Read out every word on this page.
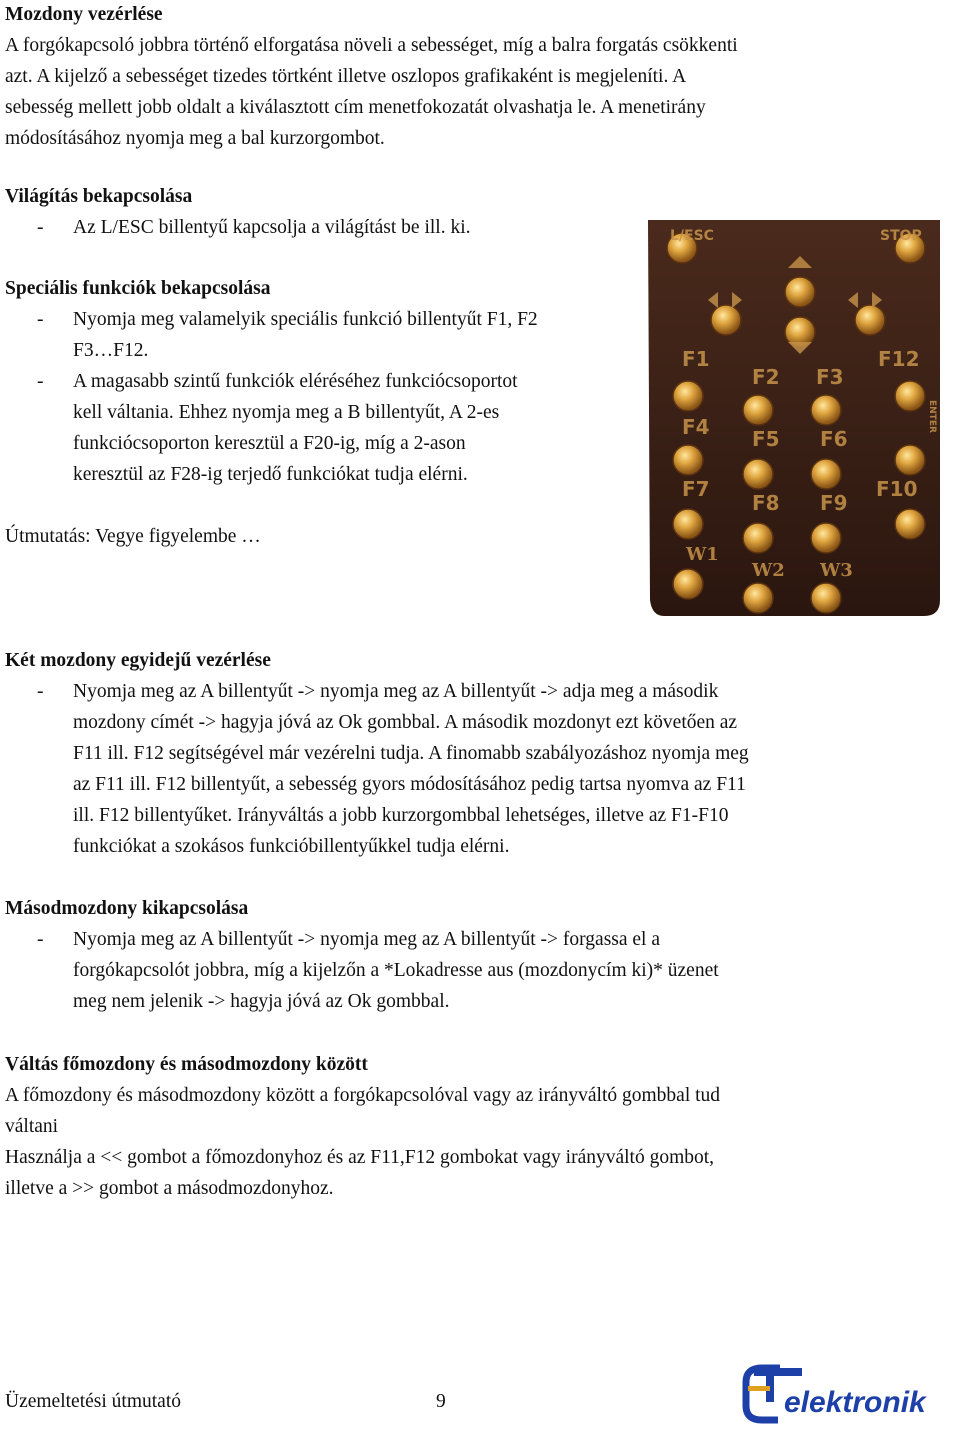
Mozdony vezérlése

A forgókapcsoló jobbra történő elforgatása növeli a sebességet, míg a balra forgatás csökkenti

azt. A kijelző a sebességet tizedes törtként illetve oszlopos grafikaként is megjeleníti. A

sebesség mellett jobb oldalt a kiválasztott cím menetfokozatát olvashatja le. A menetirány

módosításához nyomja meg a bal kurzorgombot.

Világítás bekapcsolása

- Az L/ESC billentyű kapcsolja a világítást be ill. ki.

Speciális funkciók bekapcsolása

- Nyomja meg valamelyik speciális funkció billentyűt F1, F2
F3…F12.
- A magasabb szintű funkciók eléréséhez funkciócsoportot
kell váltania. Ehhez nyomja meg a B billentyűt, A 2-es
funkciócsoporton keresztül a F20-ig, míg a 2-ason
keresztül az F28-ig terjedő funkciókat tudja elérni.

Útmutatás: Vegye figyelembe …

L/ESC	STOP
F1	F12
F2 F3
F4 F5 F6
F7
F8 F9
F10
W1
W2 W3
ENTER

Két mozdony egyidejű vezérlése

- Nyomja meg az A billentyűt -> nyomja meg az A billentyűt -> adja meg a második
mozdony címét -> hagyja jóvá az Ok gombbal. A második mozdonyt ezt követően az
F11 ill. F12 segítségével már vezérelni tudja. A finomabb szabályozáshoz nyomja meg
az F11 ill. F12 billentyűt, a sebesség gyors módosításához pedig tartsa nyomva az F11
ill. F12 billentyűket. Irányváltás a jobb kurzorgombbal lehetséges, illetve az F1-F10
funkciókat a szokásos funkcióbillentyűkkel tudja elérni.

Másodmozdony kikapcsolása

- Nyomja meg az A billentyűt -> nyomja meg az A billentyűt -> forgassa el a
forgókapcsolót jobbra, míg a kijelzőn a *Lokadresse aus (mozdonycím ki)* üzenet
meg nem jelenik -> hagyja jóvá az Ok gombbal.

Váltás főmozdony és másodmozdony között

A főmozdony és másodmozdony között a forgókapcsolóval vagy az irányváltó gombbal tud

váltani

Használja a << gombot a főmozdonyhoz és az F11,F12 gombokat vagy irányváltó gombot,

illetve a >> gombot a másodmozdonyhoz.

Üzemeltetési útmutató	9	elektronik
